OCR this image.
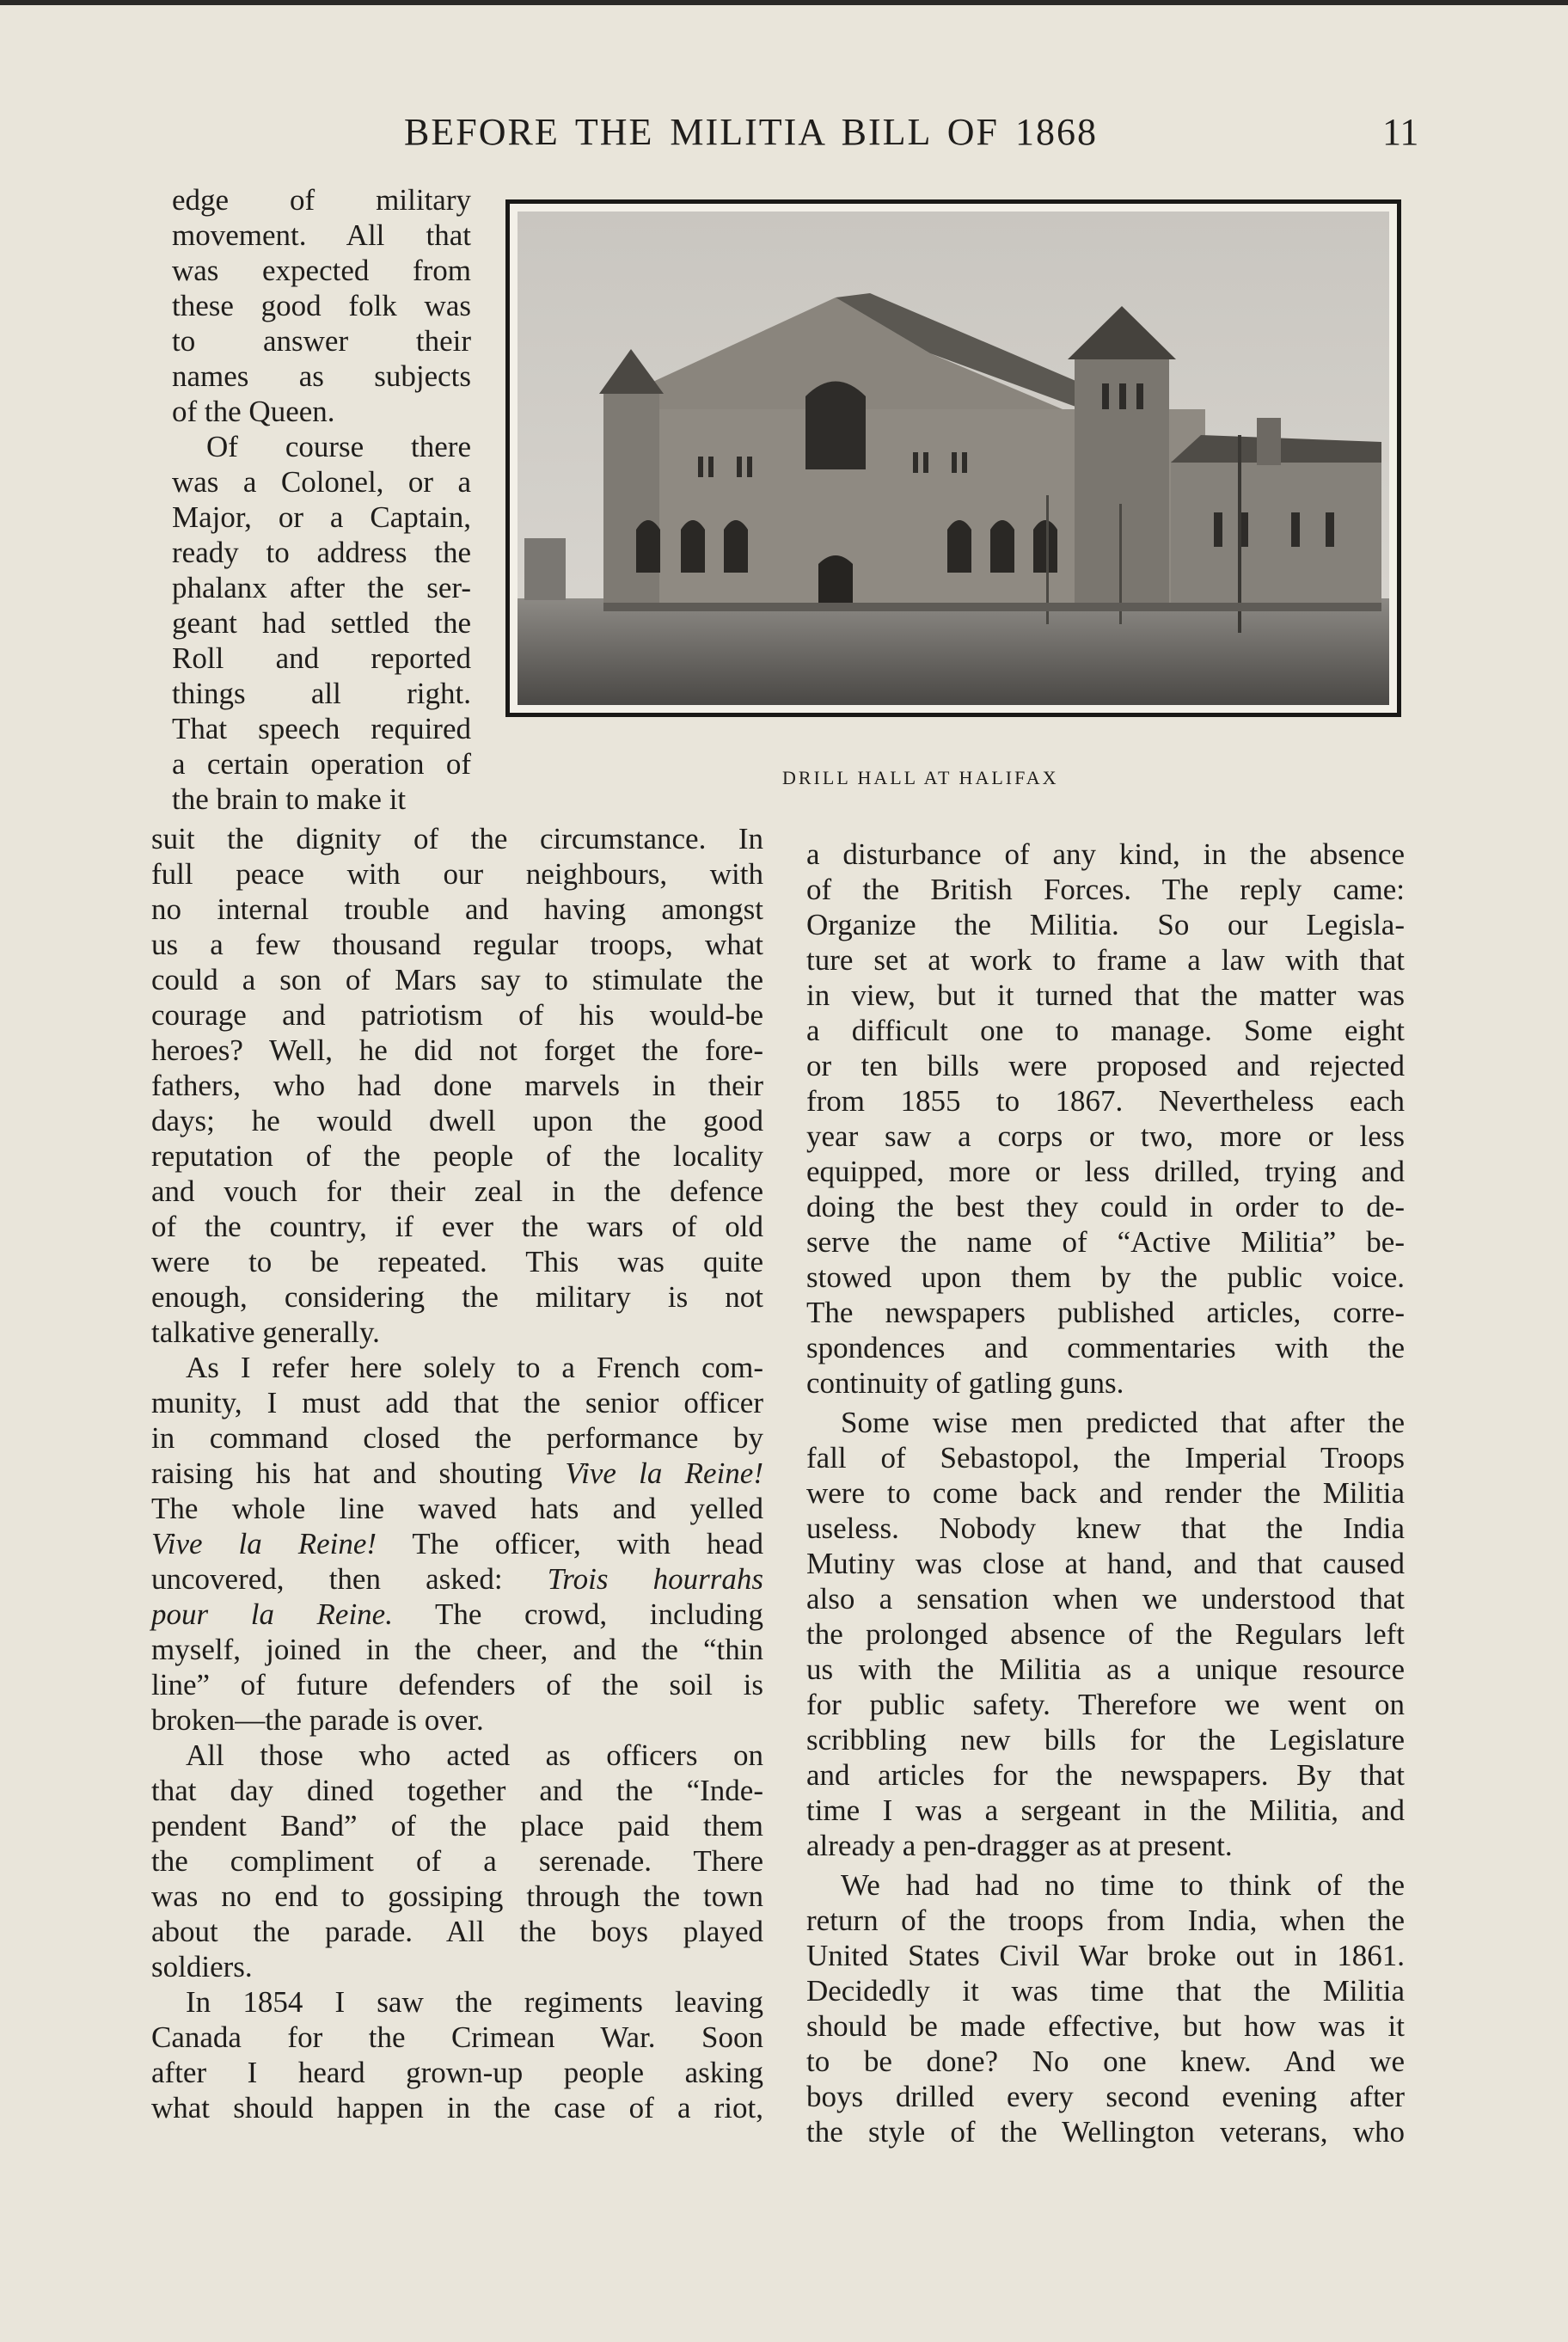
BEFORE THE MILITIA BILL OF 1868	11
DRILL HALL AT HALIFAX
edge of military
movement. All that
was expected from
these good folk was
to answer their
names as subjects
of the Queen.
Of course there
was a Colonel, or a
Major, or a Captain,
ready to address the
phalanx after the ser-
geant had settled the
Roll and reported
things all right.
That speech required
a certain operation of
the brain to make it
suit the dignity of the circumstance. In
full peace with our neighbours, with
no internal trouble and having amongst
us a few thousand regular troops, what
could a son of Mars say to stimulate the
courage and patriotism of his would-be
heroes? Well, he did not forget the fore-
fathers, who had done marvels in their
days; he would dwell upon the good
reputation of the people of the locality
and vouch for their zeal in the defence
of the country, if ever the wars of old
were to be repeated. This was quite
enough, considering the military is not
talkative generally.
As I refer here solely to a French com-
munity, I must add that the senior officer
in command closed the performance by
raising his hat and shouting Vive la Reine!
The whole line waved hats and yelled
Vive la Reine! The officer, with head
uncovered, then asked: Trois hourrahs
pour la Reine. The crowd, including
myself, joined in the cheer, and the “thin
line” of future defenders of the soil is
broken—the parade is over.
All those who acted as officers on
that day dined together and the “Inde-
pendent Band” of the place paid them
the compliment of a serenade. There
was no end to gossiping through the town
about the parade. All the boys played
soldiers.
In 1854 I saw the regiments leaving
Canada for the Crimean War. Soon
after I heard grown-up people asking
what should happen in the case of a riot,
a disturbance of any kind, in the absence
of the British Forces. The reply came:
Organize the Militia. So our Legisla-
ture set at work to frame a law with that
in view, but it turned that the matter was
a difficult one to manage. Some eight
or ten bills were proposed and rejected
from 1855 to 1867. Nevertheless each
year saw a corps or two, more or less
equipped, more or less drilled, trying and
doing the best they could in order to de-
serve the name of “Active Militia” be-
stowed upon them by the public voice.
The newspapers published articles, corre-
spondences and commentaries with the
continuity of gatling guns.
Some wise men predicted that after the
fall of Sebastopol, the Imperial Troops
were to come back and render the Militia
useless. Nobody knew that the India
Mutiny was close at hand, and that caused
also a sensation when we understood that
the prolonged absence of the Regulars left
us with the Militia as a unique resource
for public safety. Therefore we went on
scribbling new bills for the Legislature
and articles for the newspapers. By that
time I was a sergeant in the Militia, and
already a pen-dragger as at present.
We had had no time to think of the
return of the troops from India, when the
United States Civil War broke out in 1861.
Decidedly it was time that the Militia
should be made effective, but how was it
to be done? No one knew. And we
boys drilled every second evening after
the style of the Wellington veterans, who
